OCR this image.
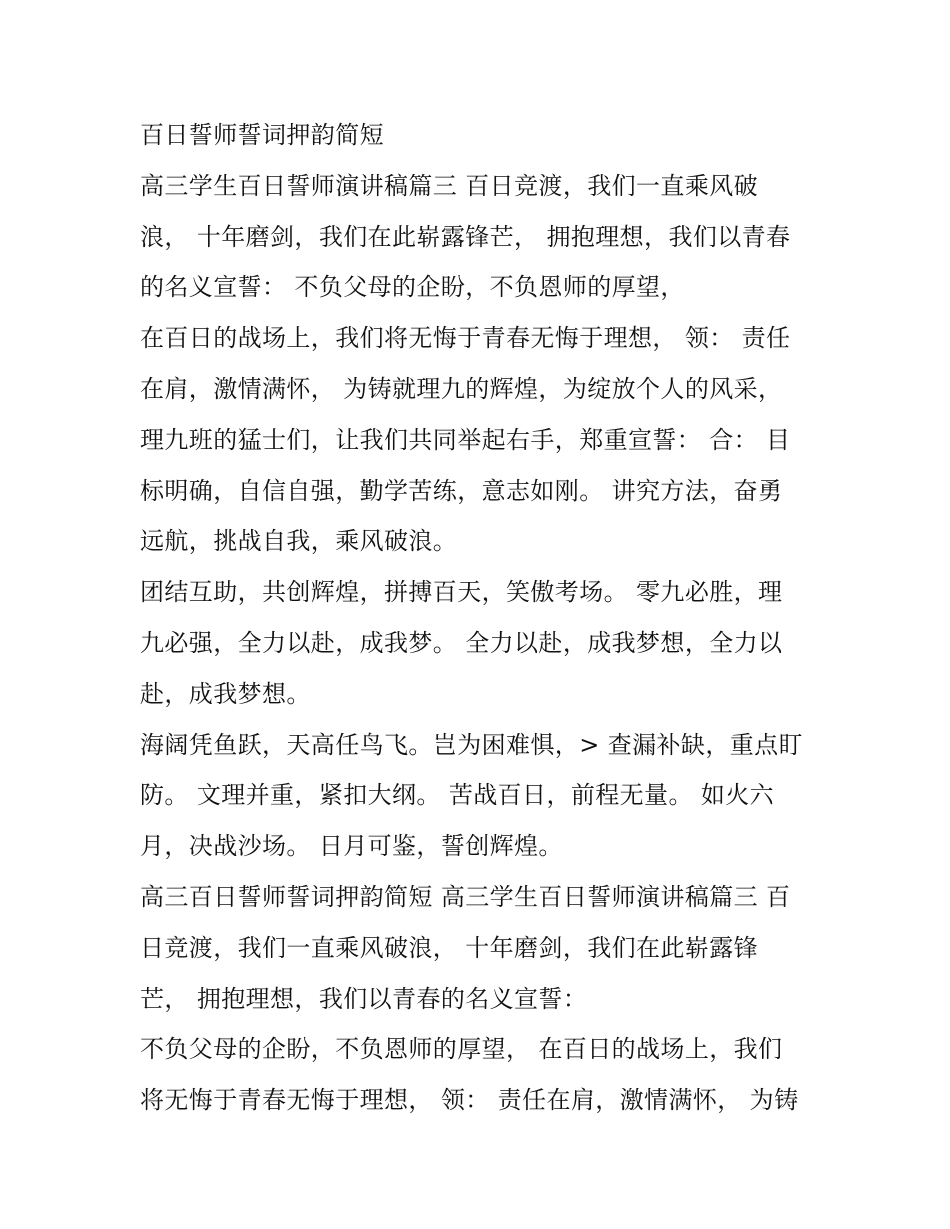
百日誓师誓词押韵简短
高三学生百日誓师演讲稿篇三 百日竞渡，我们一直乘风破
浪， 十年磨剑，我们在此崭露锋芒， 拥抱理想，我们以青春
的名义宣誓： 不负父母的企盼，不负恩师的厚望，
在百日的战场上，我们将无悔于青春无悔于理想， 领： 责任
在肩，激情满怀， 为铸就理九的辉煌，为绽放个人的风采，
理九班的猛士们，让我们共同举起右手，郑重宣誓： 合： 目
标明确，自信自强，勤学苦练，意志如刚。 讲究方法，奋勇
远航，挑战自我，乘风破浪。
团结互助，共创辉煌，拼搏百天，笑傲考场。 零九必胜，理
九必强，全力以赴，成我梦。 全力以赴，成我梦想，全力以
赴，成我梦想。
海阔凭鱼跃，天高任鸟飞。岂为困难惧，> 查漏补缺，重点盯
防。 文理并重，紧扣大纲。 苦战百日，前程无量。 如火六
月，决战沙场。 日月可鉴，誓创辉煌。
高三百日誓师誓词押韵简短 高三学生百日誓师演讲稿篇三 百
日竞渡，我们一直乘风破浪， 十年磨剑，我们在此崭露锋
芒， 拥抱理想，我们以青春的名义宣誓：
不负父母的企盼，不负恩师的厚望， 在百日的战场上，我们
将无悔于青春无悔于理想， 领： 责任在肩，激情满怀， 为铸
